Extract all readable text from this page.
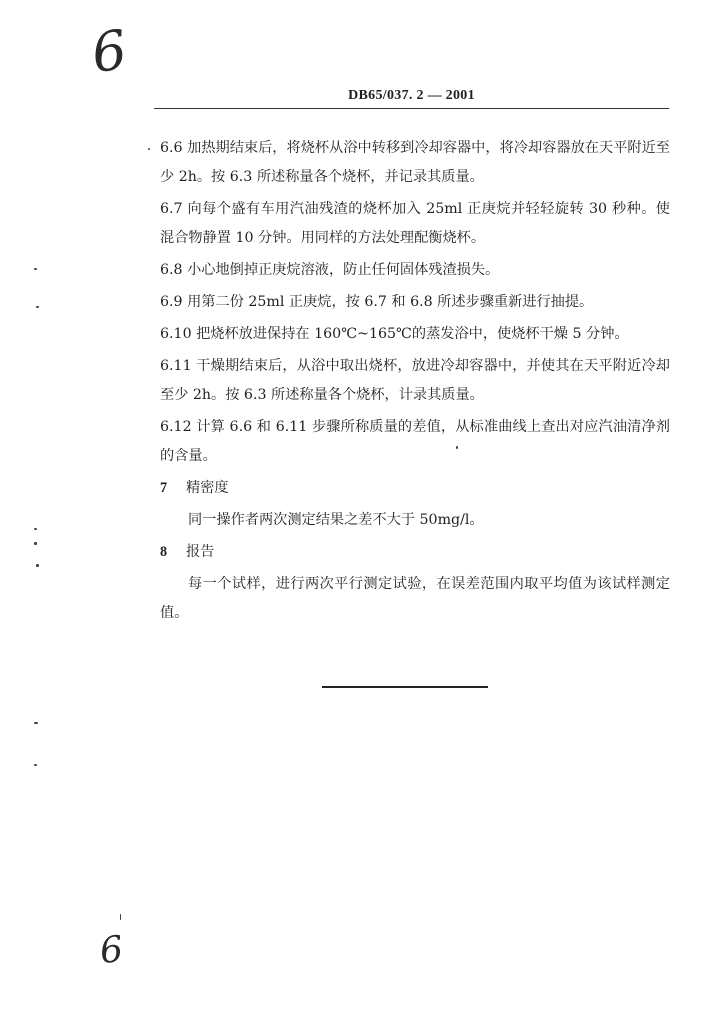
6
DB65/037. 2 — 2001

6.6 加热期结束后，将烧杯从浴中转移到冷却容器中，将冷却容器放在天平附近至少 2h。按 6.3 所述称量各个烧杯，并记录其质量。

6.7 向每个盛有车用汽油残渣的烧杯加入 25ml 正庚烷并轻轻旋转 30 秒种。使混合物静置 10 分钟。用同样的方法处理配衡烧杯。

6.8 小心地倒掉正庚烷溶液，防止任何固体残渣损失。

6.9 用第二份 25ml 正庚烷，按 6.7 和 6.8 所述步骤重新进行抽提。

6.10 把烧杯放进保持在 160℃~165℃的蒸发浴中，使烧杯干燥 5 分钟。

6.11 干燥期结束后，从浴中取出烧杯，放进冷却容器中，并使其在天平附近冷却至少 2h。按 6.3 所述称量各个烧杯，计录其质量。

6.12 计算 6.6 和 6.11 步骤所称质量的差值，从标准曲线上查出对应汽油清净剂的含量。

7 精密度

同一操作者两次测定结果之差不大于 50mg/l。

8 报告

每一个试样，进行两次平行测定试验，在误差范围内取平均值为该试样测定值。

6
